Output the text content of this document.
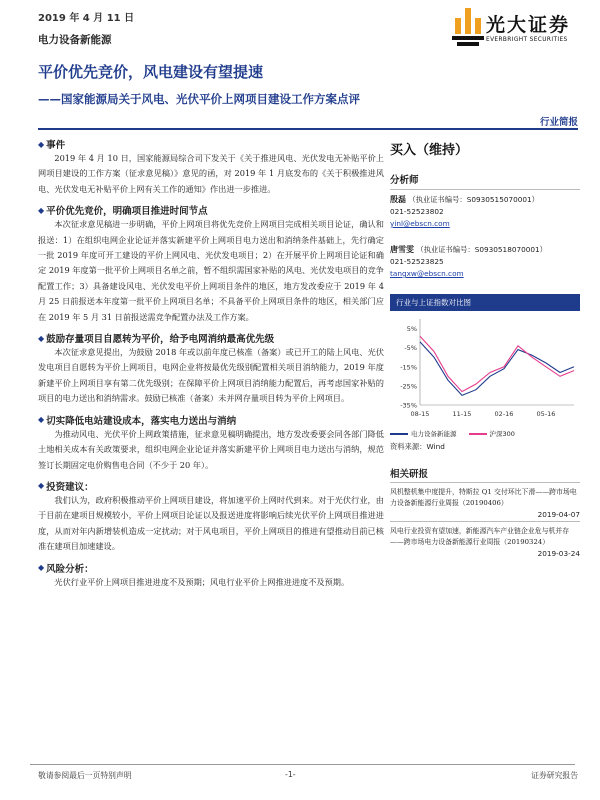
2019 年 4 月 11 日
电力设备新能源
光大证券
EVERBRIGHT SECURITIES
平价优先竞价，风电建设有望提速
——国家能源局关于风电、光伏平价上网项目建设工作方案点评
行业简报
◆ 事件

2019 年 4 月 10 日，国家能源局综合司下发关于《关于推进风电、光伏发电无补贴平价上网项目建设的工作方案（征求意见稿）》意见的函，对 2019 年 1 月底发布的《关于积极推进风电、光伏发电无补贴平价上网有关工作的通知》作出进一步推进。

◆ 平价优先竞价，明确项目推进时间节点

本次征求意见稿进一步明确，平价上网项目将优先竞价上网项目完成相关项目论证，确认和报送：1）在组织电网企业论证并落实新建平价上网项目电力送出和消纳条件基础上，先行确定一批 2019 年度可开工建设的平价上网风电、光伏发电项目；2）在开展平价上网项目论证和确定 2019 年度第一批平价上网项目名单之前，暂不组织需国家补贴的风电、光伏发电项目的竞争配置工作；3）具备建设风电、光伏发电平价上网项目条件的地区，地方发改委应于 2019 年 4 月 25 日前报送本年度第一批平价上网项目名单；不具备平价上网项目条件的地区，相关部门应在 2019 年 5 月 31 日前报送需竞争配置办法及工作方案。

◆ 鼓励存量项目自愿转为平价，给予电网消纳最高优先级

本次征求意见提出，为鼓励 2018 年或以前年度已核准（备案）或已开工的陆上风电、光伏发电项目自愿转为平价上网项目，电网企业将按最优先级别配置相关项目消纳能力，2019 年度新建平价上网项目享有第二优先级别；在保障平价上网项目消纳能力配置后，再考虑国家补贴的项目的电力送出和消纳需求。鼓励已核准（备案）未并网存量项目转为平价上网项目。

◆ 切实降低电站建设成本，落实电力送出与消纳

为推动风电、光伏平价上网政策措施，征求意见稿明确提出，地方发改委要会同各部门降低土地相关成本有关政策要求，组织电网企业论证并落实新建平价上网项目电力送出与消纳，规范签订长期固定电价购售电合同（不少于 20 年）。

◆ 投资建议：

我们认为，政府积极推动平价上网项目建设，将加速平价上网时代到来。对于光伏行业，由于目前在建项目规模较小，平价上网项目论证以及报送进度将影响后续光伏平价上网项目推进进度，从而对年内新增装机造成一定扰动；对于风电项目，平价上网项目的推进有望推动目前已核准在建项目加速建设。

◆ 风险分析：

光伏行业平价上网项目推进进度不及预期；风电行业平价上网推进进度不及预期。

买入（维持）
分析师
殷磊 （执业证书编号：S0930515070001）
021-52523802
yinl@ebscn.com
唐雪雯 （执业证书编号：S0930518070001）
021-52523825
tangxw@ebscn.com
行业与上证指数对比图
5%
-5%
-15%
-25%
-35%
08-15	11-15	02-16	05-16
电力设备新能源	沪深300
资料来源：Wind
相关研报
风机整机集中度提升，特斯拉 Q1 交付环比下滑——跨市场电力设备新能源行业周报（20190406）
2019-04-07
风电行业投资有望加速，新能源汽车产业链企业危与机并存——跨市场电力设备新能源行业周报（20190324）
2019-03-24
敬请参阅最后一页特别声明	-1-	证券研究报告
